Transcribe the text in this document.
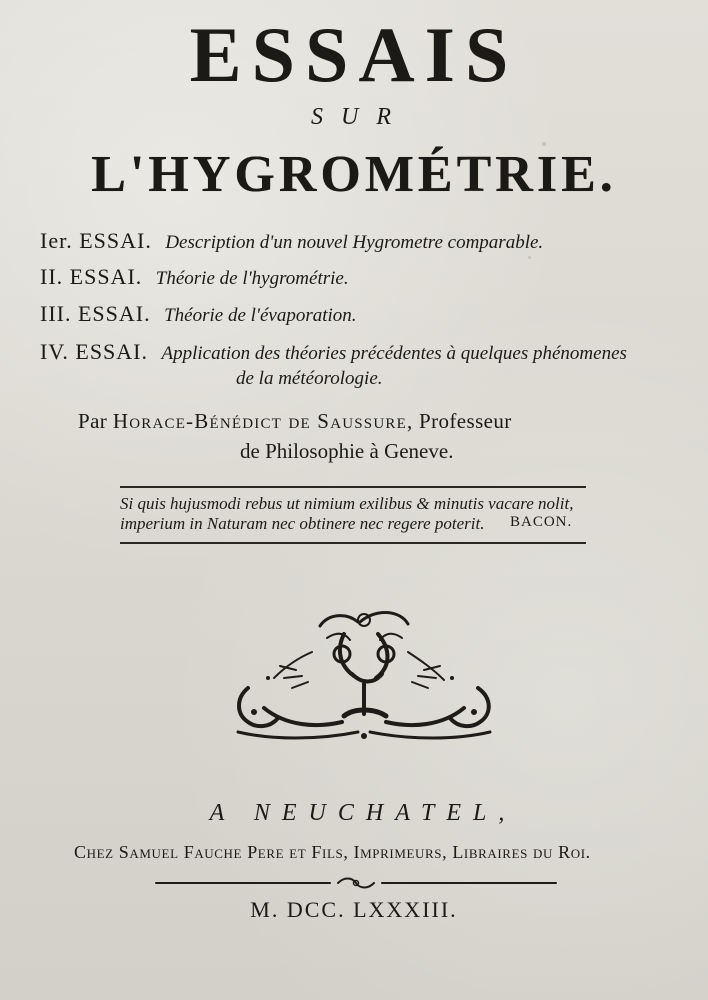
ESSAIS
SUR
L'HYGROMÉTRIE.
Ier. ESSAI. Description d'un nouvel Hygrometre comparable.
II. ESSAI. Théorie de l'hygrométrie.
III. ESSAI. Théorie de l'évaporation.
IV. ESSAI. Application des théories précédentes à quelques phénomenes
de la météorologie.
Par Horace-Bénédict de Saussure, Professeur
de Philosophie à Geneve.
Si quis hujusmodi rebus ut nimium exilibus & minutis vacare nolit,
imperium in Naturam nec obtinere nec regere poterit.	BACON.
A NEUCHATEL,
Chez Samuel Fauche Pere et Fils, Imprimeurs, Libraires du Roi.
M. DCC. LXXXIII.
